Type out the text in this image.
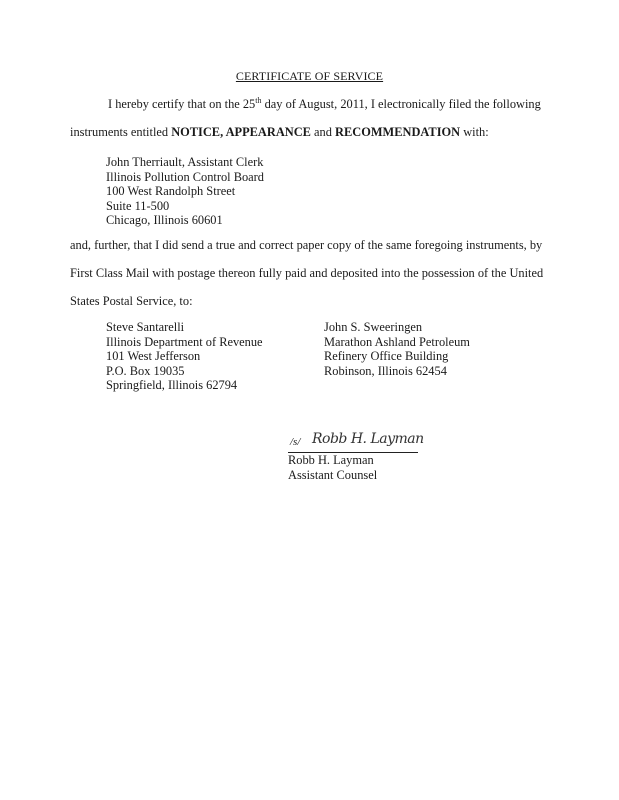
CERTIFICATE OF SERVICE
I hereby certify that on the 25th day of August, 2011, I electronically filed the following
instruments entitled NOTICE, APPEARANCE and RECOMMENDATION with:
John Therriault, Assistant Clerk
Illinois Pollution Control Board
100 West Randolph Street
Suite 11-500
Chicago, Illinois 60601
and, further, that I did send a true and correct paper copy of the same foregoing instruments, by
First Class Mail with postage thereon fully paid and deposited into the possession of the United
States Postal Service, to:
Steve Santarelli
Illinois Department of Revenue
101 West Jefferson
P.O. Box 19035
Springfield, Illinois 62794
John S. Sweeringen
Marathon Ashland Petroleum
Refinery Office Building
Robinson, Illinois 62454
/s/ Robb H. Layman
Robb H. Layman
Assistant Counsel
